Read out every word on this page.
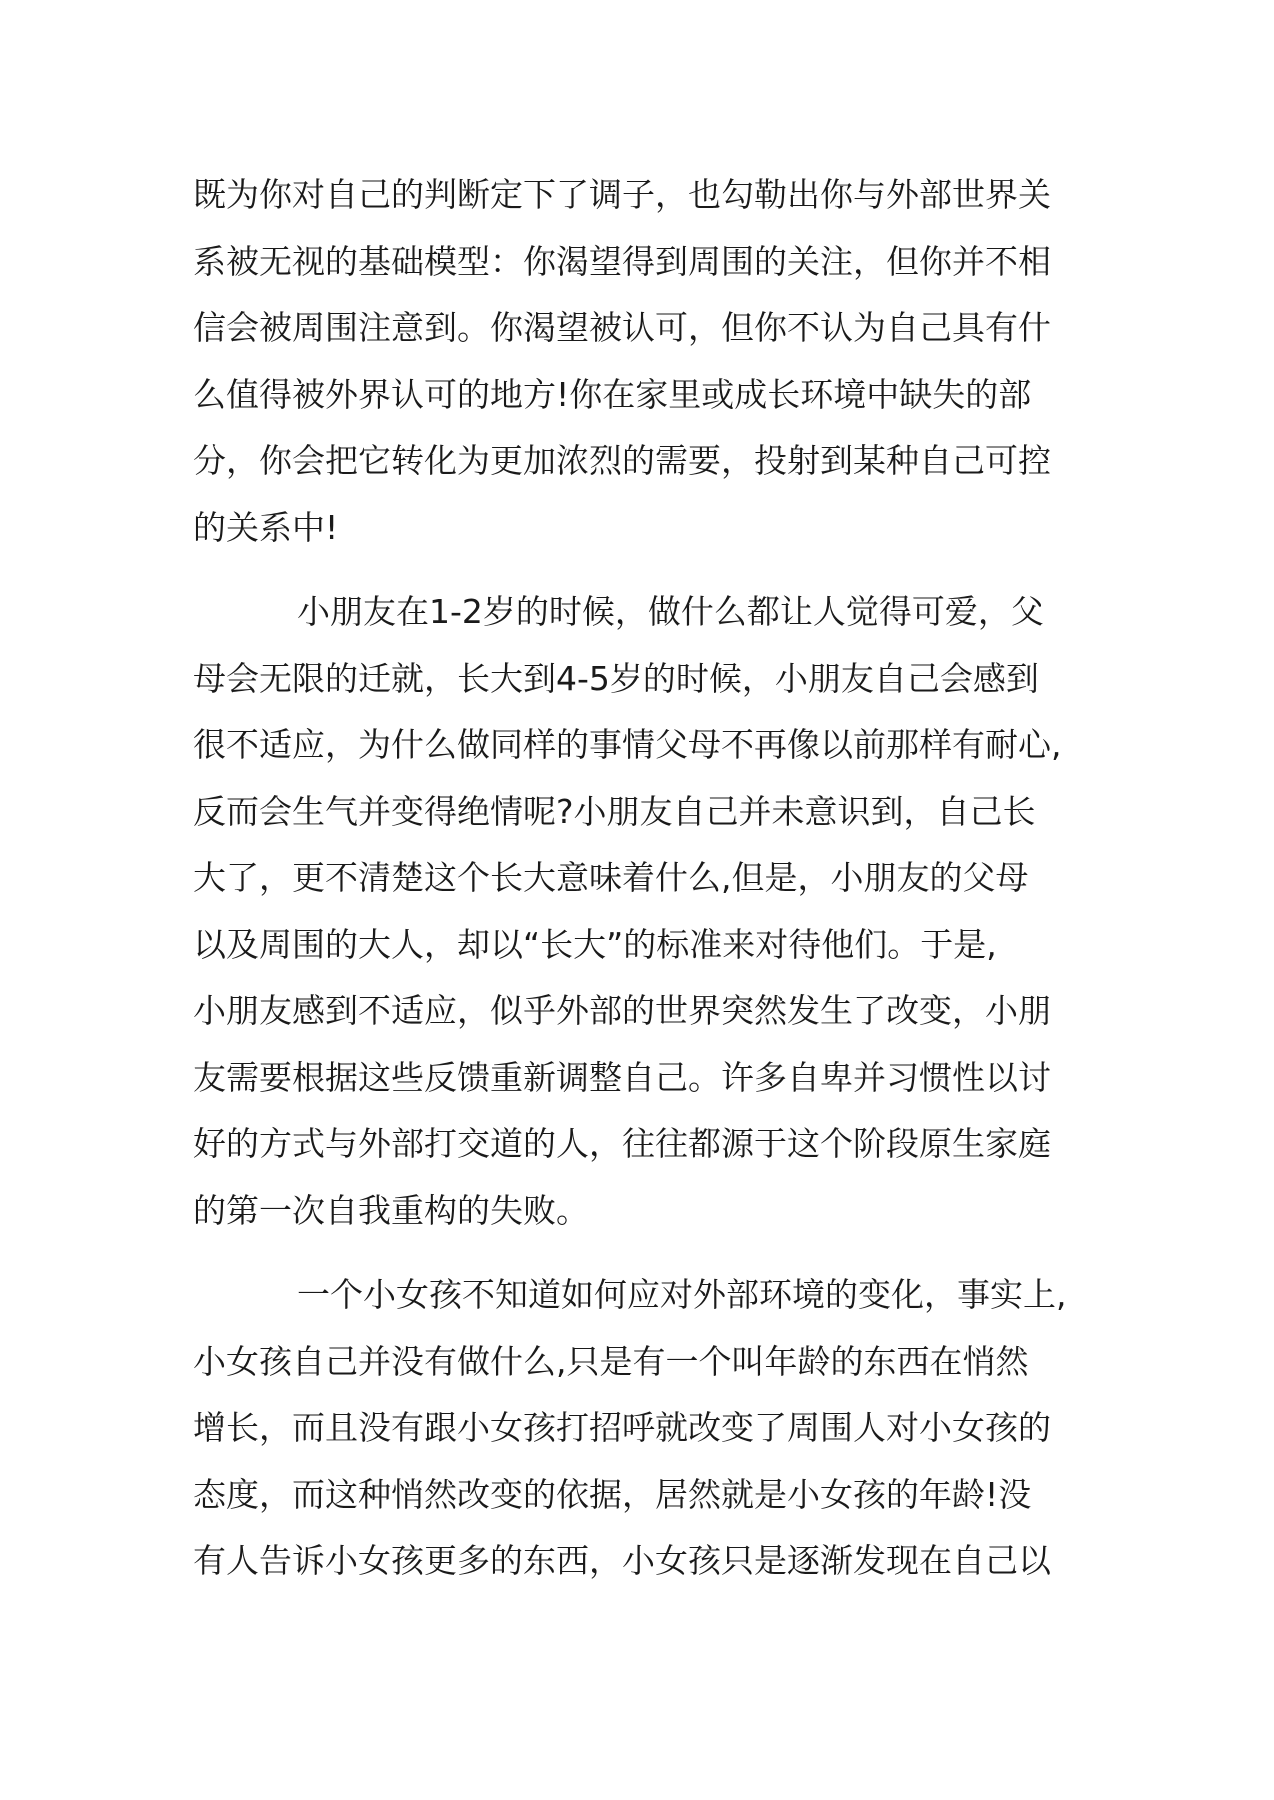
既为你对自己的判断定下了调子，也勾勒出你与外部世界关
系被无视的基础模型：你渴望得到周围的关注，但你并不相
信会被周围注意到。你渴望被认可，但你不认为自己具有什
么值得被外界认可的地方!你在家里或成长环境中缺失的部
分，你会把它转化为更加浓烈的需要，投射到某种自己可控
的关系中!
小朋友在1-2岁的时候，做什么都让人觉得可爱，父
母会无限的迁就，长大到4-5岁的时候，小朋友自己会感到
很不适应，为什么做同样的事情父母不再像以前那样有耐心,
反而会生气并变得绝情呢?小朋友自己并未意识到，自己长
大了，更不清楚这个长大意味着什么,但是，小朋友的父母
以及周围的大人，却以“长大”的标准来对待他们。于是,
小朋友感到不适应，似乎外部的世界突然发生了改变，小朋
友需要根据这些反馈重新调整自己。许多自卑并习惯性以讨
好的方式与外部打交道的人，往往都源于这个阶段原生家庭
的第一次自我重构的失败。
一个小女孩不知道如何应对外部环境的变化，事实上,
小女孩自己并没有做什么,只是有一个叫年龄的东西在悄然
增长，而且没有跟小女孩打招呼就改变了周围人对小女孩的
态度，而这种悄然改变的依据，居然就是小女孩的年龄!没
有人告诉小女孩更多的东西，小女孩只是逐渐发现在自己以
